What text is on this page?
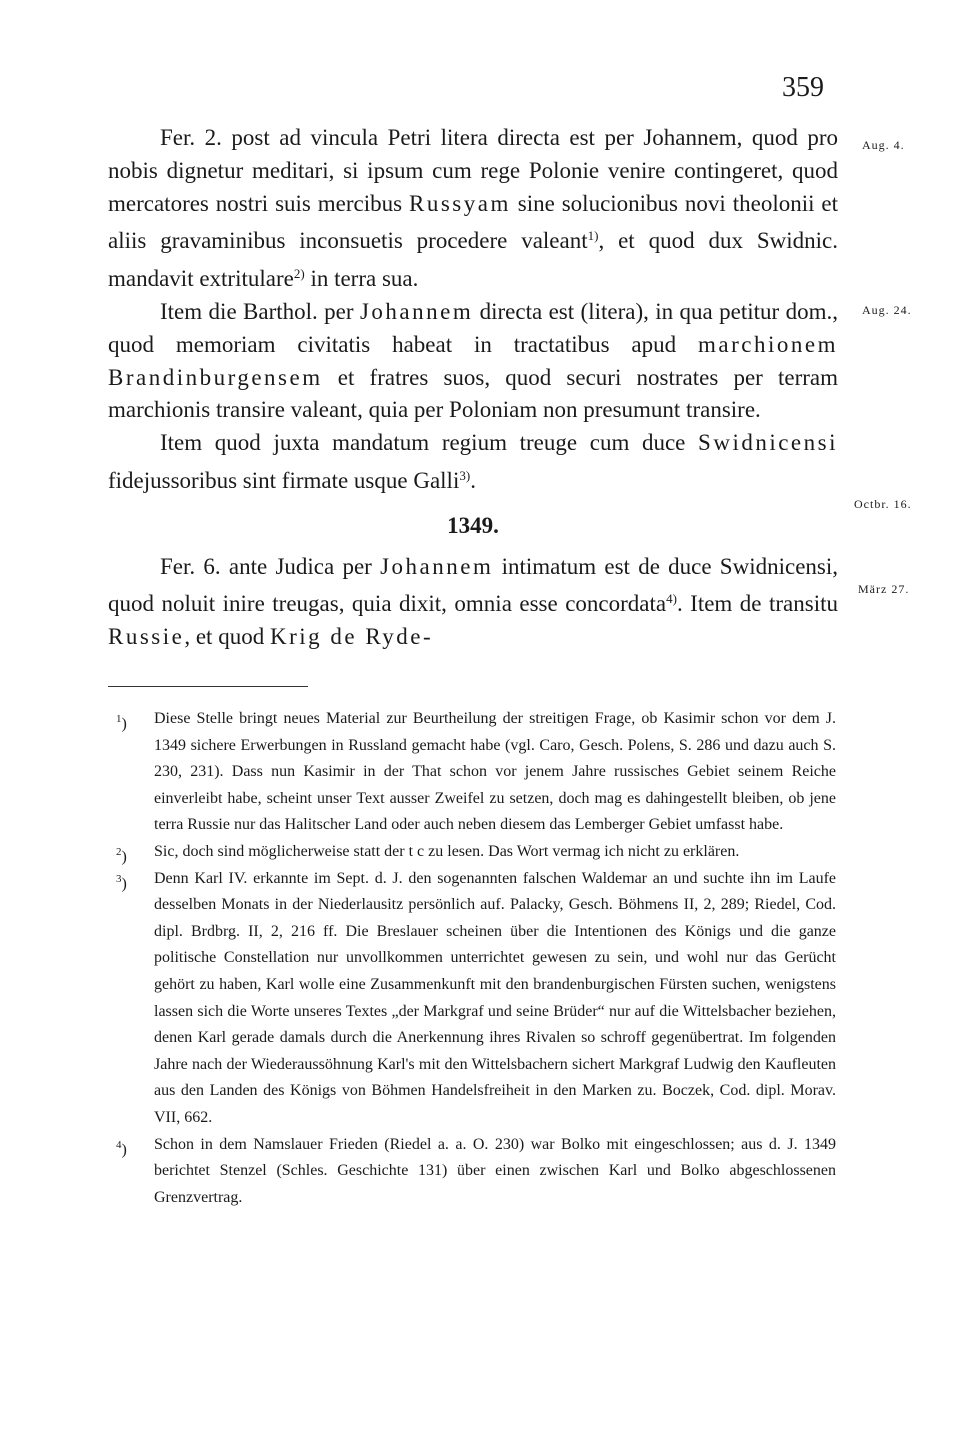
359
Aug. 4.
Aug. 24.
Octbr. 16.
März 27.

Fer. 2. post ad vincula Petri litera directa est per Johannem, quod pro nobis dignetur meditari, si ipsum cum rege Polonie venire contingeret, quod mercatores nostri suis mercibus Russyam sine solucionibus novi theolonii et aliis gravaminibus inconsuetis procedere valeant$^{1)}$, et quod dux Swidnic. mandavit extritulare$^{2)}$ in terra sua.

Item die Barthol. per Johannem directa est (litera), in qua petitur dom., quod memoriam civitatis habeat in tractatibus apud marchionem Brandinburgensem et fratres suos, quod securi nostrates per terram marchionis transire valeant, quia per Poloniam non presumunt transire.

Item quod juxta mandatum regium treuge cum duce Swidnicensi fidejussoribus sint firmate usque Galli$^{3)}$.

1349.

Fer. 6. ante Judica per Johannem intimatum est de duce Swidnicensi, quod noluit inire treugas, quia dixit, omnia esse concordata$^{4)}$. Item de transitu Russie, et quod Krig de Ryde-

$^1$) Diese Stelle bringt neues Material zur Beurtheilung der streitigen Frage, ob Kasimir schon vor dem J. 1349 sichere Erwerbungen in Russland gemacht habe (vgl. Caro, Gesch. Polens, S. 286 und dazu auch S. 230, 231). Dass nun Kasimir in der That schon vor jenem Jahre russisches Gebiet seinem Reiche einverleibt habe, scheint unser Text ausser Zweifel zu setzen, doch mag es dahingestellt bleiben, ob jene terra Russie nur das Halitscher Land oder auch neben diesem das Lemberger Gebiet umfasst habe.
$^2$) Sic, doch sind möglicherweise statt der t c zu lesen. Das Wort vermag ich nicht zu erklären.
$^3$) Denn Karl IV. erkannte im Sept. d. J. den sogenannten falschen Waldemar an und suchte ihn im Laufe desselben Monats in der Niederlausitz persönlich auf. Palacky, Gesch. Böhmens II, 2, 289; Riedel, Cod. dipl. Brdbrg. II, 2, 216 ff. Die Breslauer scheinen über die Intentionen des Königs und die ganze politische Constellation nur unvollkommen unterrichtet gewesen zu sein, und wohl nur das Gerücht gehört zu haben, Karl wolle eine Zusammenkunft mit den brandenburgischen Fürsten suchen, wenigstens lassen sich die Worte unseres Textes „der Markgraf und seine Brüder“ nur auf die Wittelsbacher beziehen, denen Karl gerade damals durch die Anerkennung ihres Rivalen so schroff gegenübertrat. Im folgenden Jahre nach der Wiederaussöhnung Karl's mit den Wittelsbachern sichert Markgraf Ludwig den Kaufleuten aus den Landen des Königs von Böhmen Handelsfreiheit in den Marken zu. Boczek, Cod. dipl. Morav. VII, 662.
$^4$) Schon in dem Namslauer Frieden (Riedel a. a. O. 230) war Bolko mit eingeschlossen; aus d. J. 1349 berichtet Stenzel (Schles. Geschichte 131) über einen zwischen Karl und Bolko abgeschlossenen Grenzvertrag.
